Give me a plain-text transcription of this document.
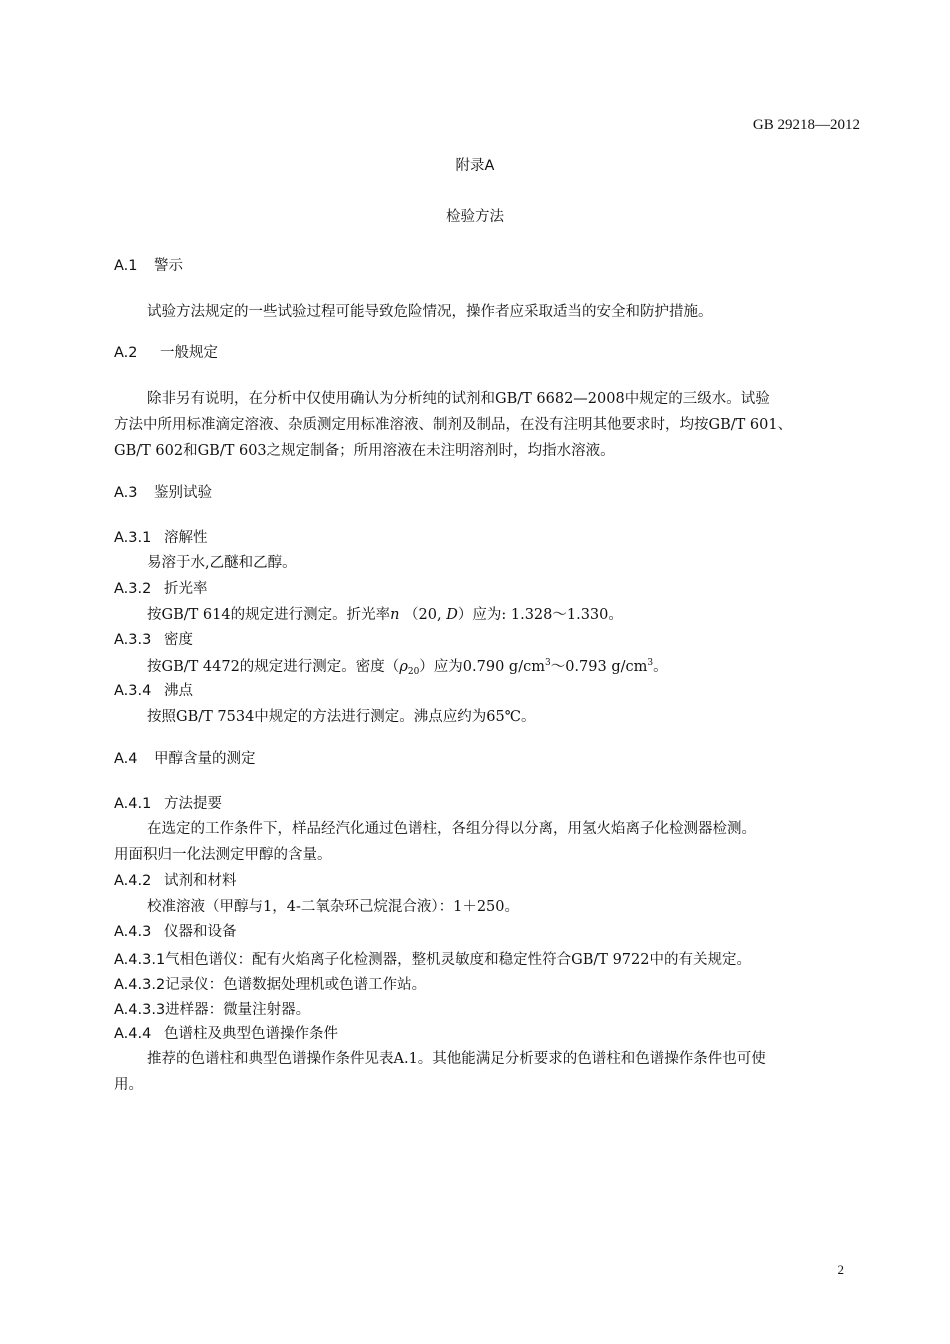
GB 29218—2012
附录A
检验方法
A.1 警示
试验方法规定的一些试验过程可能导致危险情况，操作者应采取适当的安全和防护措施。
A.2 一般规定
除非另有说明，在分析中仅使用确认为分析纯的试剂和GB/T 6682—2008中规定的三级水。试验
方法中所用标准滴定溶液、杂质测定用标准溶液、制剂及制品，在没有注明其他要求时，均按GB/T 601、
GB/T 602和GB/T 603之规定制备；所用溶液在未注明溶剂时，均指水溶液。
A.3 鉴别试验
A.3.1 溶解性
易溶于水,乙醚和乙醇。
A.3.2 折光率
按GB/T 614的规定进行测定。折光率n （20, D）应为: 1.328～1.330。
A.3.3 密度
按GB/T 4472的规定进行测定。密度$(\rho_{20})$应为0.790 $g/cm^3\sim 0.793$ $g/cm^3$。
A.3.4 沸点
按照GB/T 7534中规定的方法进行测定。沸点应约为65℃。
A.4 甲醇含量的测定
A.4.1 方法提要
在选定的工作条件下，样品经汽化通过色谱柱，各组分得以分离，用氢火焰离子化检测器检测。
用面积归一化法测定甲醇的含量。
A.4.2 试剂和材料
校准溶液（甲醇与1，4-二氧杂环己烷混合液）：1＋250。
A.4.3 仪器和设备
A.4.3.1气相色谱仪：配有火焰离子化检测器，整机灵敏度和稳定性符合GB/T 9722中的有关规定。
A.4.3.2记录仪：色谱数据处理机或色谱工作站。
A.4.3.3进样器：微量注射器。
A.4.4 色谱柱及典型色谱操作条件
推荐的色谱柱和典型色谱操作条件见表A.1。其他能满足分析要求的色谱柱和色谱操作条件也可使
用。
2
